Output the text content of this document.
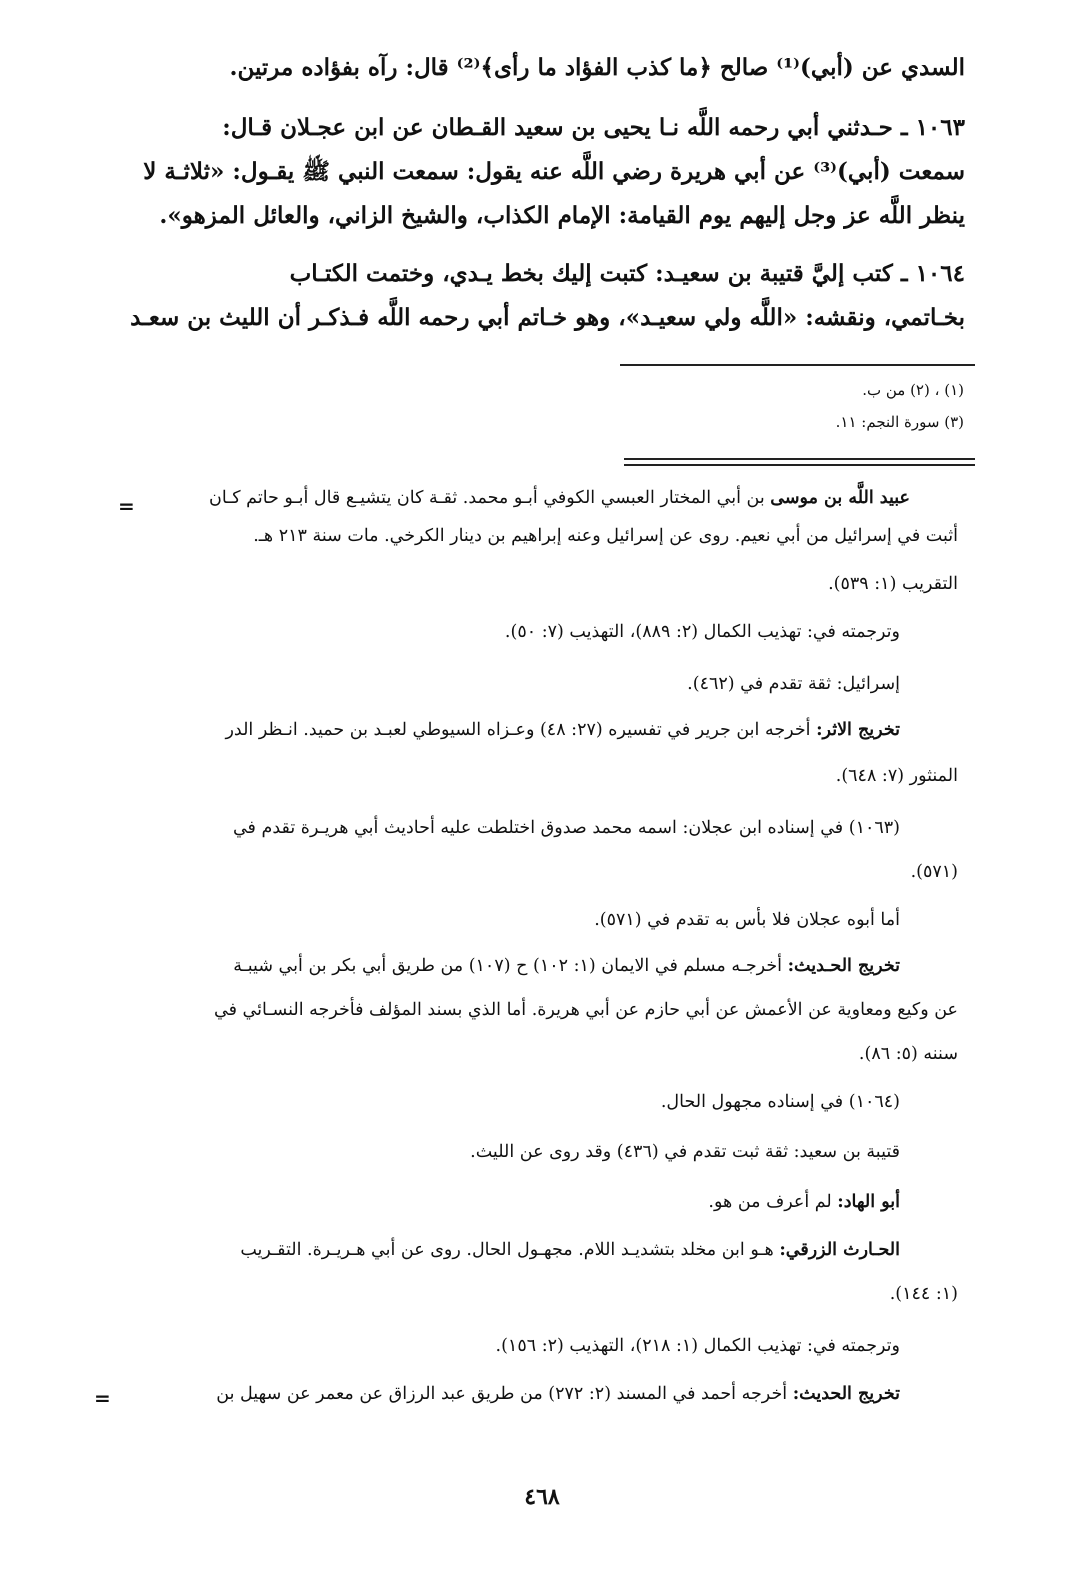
السدي عن (أبي)⁽¹⁾ صالح ﴿ما كذب الفؤاد ما رأى﴾⁽²⁾ قال: رآه بفؤاده مرتين.
١٠٦٣ ـ حـدثني أبي رحمه اللَّه نـا يحيى بن سعيد القـطان عن ابن عجـلان قـال:
سمعت (أبي)⁽³⁾ عن أبي هريرة رضي اللَّه عنه يقول: سمعت النبي ﷺ يقـول: «ثلاثـة لا
ينظر اللَّه عز وجل إليهم يوم القيامة: الإمام الكذاب، والشيخ الزاني، والعائل المزهو».
١٠٦٤ ـ كتب إليَّ قتيبة بن سعيـد: كتبت إليك بخط يـدي، وختمت الكتـاب
بخـاتمي، ونقشه: «اللَّه ولي سعيـد»، وهو خـاتم أبي رحمه اللَّه فـذكـر أن الليث بن سعـد
(١) ، (٢) من ب.
(٣) سورة النجم: ١١.
=	عبيد اللَّه بن موسى بن أبي المختار العبسي الكوفي أبـو محمد. ثقـة كان يتشيـع قال أبـو حاتم كـان
أثبت في إسرائيل من أبي نعيم. روى عن إسرائيل وعنه إبراهيم بن دينار الكرخي. مات سنة ٢١٣ هـ.
التقريب (١: ٥٣٩).
وترجمته في: تهذيب الكمال (٢: ٨٨٩)، التهذيب (٧: ٥٠).
إسرائيل: ثقة تقدم في (٤٦٢).
تخريج الاثر: أخرجه ابن جرير في تفسيره (٢٧: ٤٨) وعـزاه السيوطي لعبـد بن حميد. انـظر الدر
المنثور (٧: ٦٤٨).
(١٠٦٣) في إسناده ابن عجلان: اسمه محمد صدوق اختلطت عليه أحاديث أبي هريـرة تقدم في
(٥٧١).
أما أبوه عجلان فلا بأس به تقدم في (٥٧١).
تخريج الحـديث: أخرجـه مسلم في الايمان (١: ١٠٢) ح (١٠٧) من طريق أبي بكر بن أبي شيبـة
عن وكيع ومعاوية عن الأعمش عن أبي حازم عن أبي هريرة. أما الذي بسند المؤلف فأخرجه النسـائي في
سننه (٥: ٨٦).
(١٠٦٤) في إسناده مجهول الحال.
قتيبة بن سعيد: ثقة ثبت تقدم في (٤٣٦) وقد روى عن الليث.
أبو الهاد: لم أعرف من هو.
الحـارث الزرقي: هـو ابن مخلد بتشديـد اللام. مجهـول الحال. روى عن أبي هـريـرة. التقـريب
(١: ١٤٤).
وترجمته في: تهذيب الكمال (١: ٢١٨)، التهذيب (٢: ١٥٦).
تخريج الحديث: أخرجه أحمد في المسند (٢: ٢٧٢) من طريق عبد الرزاق عن معمر عن سهيل بن
=
٤٦٨
